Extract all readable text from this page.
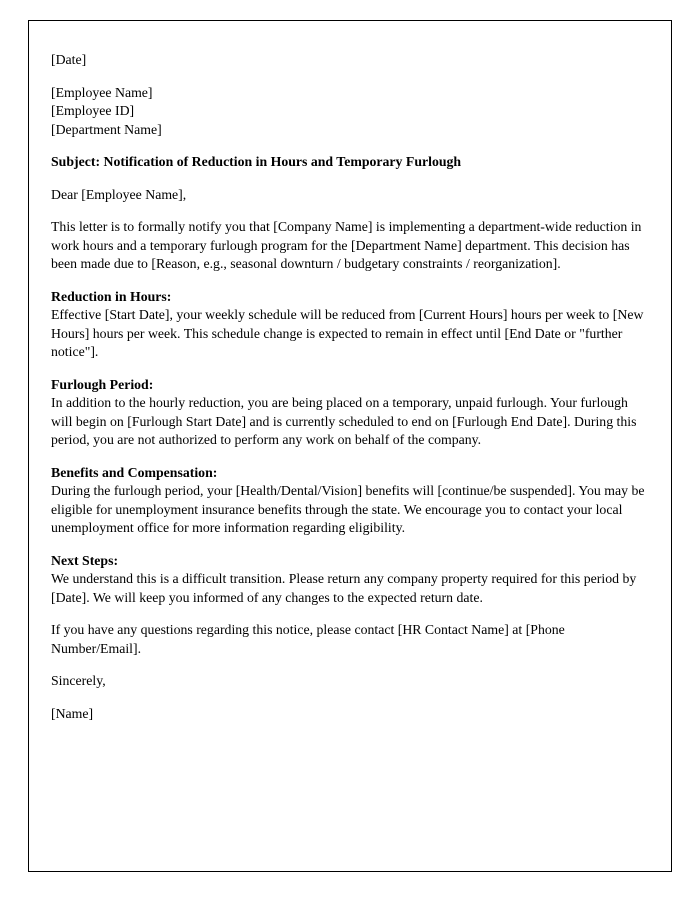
[Date]

[Employee Name]

[Employee ID]

[Department Name]

Subject: Notification of Reduction in Hours and Temporary Furlough

Dear [Employee Name],

This letter is to formally notify you that [Company Name] is implementing a department-wide reduction in work hours and a temporary furlough program for the [Department Name] department. This decision has been made due to [Reason, e.g., seasonal downturn / budgetary constraints / reorganization].

Reduction in Hours:

Effective [Start Date], your weekly schedule will be reduced from [Current Hours] hours per week to [New Hours] hours per week. This schedule change is expected to remain in effect until [End Date or "further notice"].

Furlough Period:

In addition to the hourly reduction, you are being placed on a temporary, unpaid furlough. Your furlough will begin on [Furlough Start Date] and is currently scheduled to end on [Furlough End Date]. During this period, you are not authorized to perform any work on behalf of the company.

Benefits and Compensation:

During the furlough period, your [Health/Dental/Vision] benefits will [continue/be suspended]. You may be eligible for unemployment insurance benefits through the state. We encourage you to contact your local unemployment office for more information regarding eligibility.

Next Steps:

We understand this is a difficult transition. Please return any company property required for this period by [Date]. We will keep you informed of any changes to the expected return date.

If you have any questions regarding this notice, please contact [HR Contact Name] at [Phone Number/Email].

Sincerely,

[Name]
